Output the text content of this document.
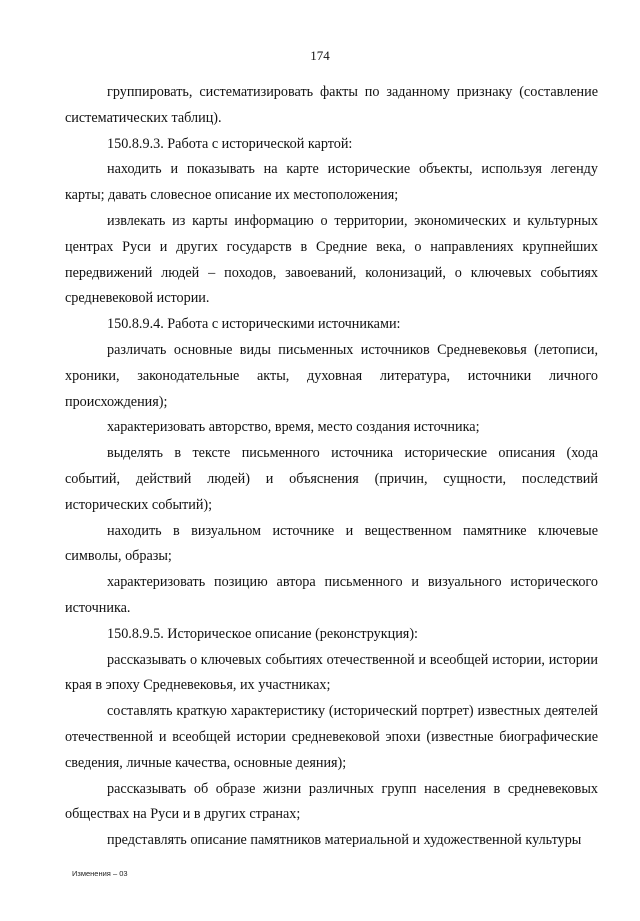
174

группировать, систематизировать факты по заданному признаку (составление систематических таблиц).

150.8.9.3. Работа с исторической картой:

находить и показывать на карте исторические объекты, используя легенду карты; давать словесное описание их местоположения;

извлекать из карты информацию о территории, экономических и культурных центрах Руси и других государств в Средние века, о направлениях крупнейших передвижений людей – походов, завоеваний, колонизаций, о ключевых событиях средневековой истории.

150.8.9.4. Работа с историческими источниками:

различать основные виды письменных источников Средневековья (летописи, хроники, законодательные акты, духовная литература, источники личного происхождения);

характеризовать авторство, время, место создания источника;

выделять в тексте письменного источника исторические описания (хода событий, действий людей) и объяснения (причин, сущности, последствий исторических событий);

находить в визуальном источнике и вещественном памятнике ключевые символы, образы;

характеризовать позицию автора письменного и визуального исторического источника.

150.8.9.5. Историческое описание (реконструкция):

рассказывать о ключевых событиях отечественной и всеобщей истории, истории края в эпоху Средневековья, их участниках;

составлять краткую характеристику (исторический портрет) известных деятелей отечественной и всеобщей истории средневековой эпохи (известные биографические сведения, личные качества, основные деяния);

рассказывать об образе жизни различных групп населения в средневековых обществах на Руси и в других странах;

представлять описание памятников материальной и художественной культуры

Изменения – 03
